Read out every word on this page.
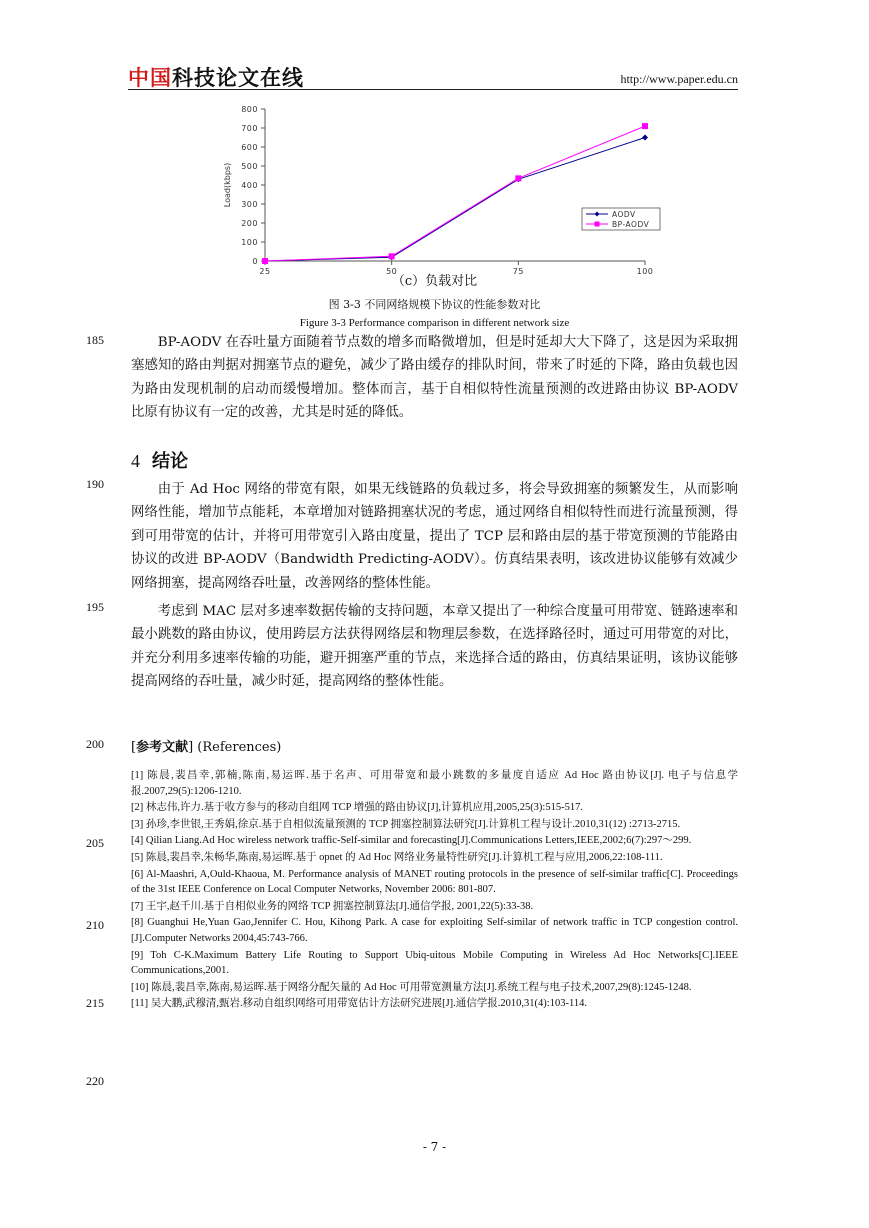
中国科技论文在线	http://www.paper.edu.cn
0
100
200
300
400
500
600
700
800
25	50	75	100
Load(kbps)
AODV
BP-AODV
（c）负载对比
图 3-3 不同网络规模下协议的性能参数对比
Figure 3-3 Performance comparison in different network size
185
190
195
200
205
210
215
220

BP-AODV 在吞吐量方面随着节点数的增多而略微增加，但是时延却大大下降了，这是因为采取拥塞感知的路由判据对拥塞节点的避免，减少了路由缓存的排队时间，带来了时延的下降，路由负载也因为路由发现机制的启动而缓慢增加。整体而言，基于自相似特性流量预测的改进路由协议 BP-AODV 比原有协议有一定的改善，尤其是时延的降低。

4 结论

由于 Ad Hoc 网络的带宽有限，如果无线链路的负载过多，将会导致拥塞的频繁发生，从而影响网络性能，增加节点能耗，本章增加对链路拥塞状况的考虑，通过网络自相似特性而进行流量预测，得到可用带宽的估计，并将可用带宽引入路由度量，提出了 TCP 层和路由层的基于带宽预测的节能路由协议的改进 BP-AODV（Bandwidth Predicting-AODV）。仿真结果表明，该改进协议能够有效减少网络拥塞，提高网络吞吐量，改善网络的整体性能。

考虑到 MAC 层对多速率数据传输的支持问题，本章又提出了一种综合度量可用带宽、链路速率和最小跳数的路由协议，使用跨层方法获得网络层和物理层参数，在选择路径时，通过可用带宽的对比，并充分利用多速率传输的功能，避开拥塞严重的节点，来选择合适的路由，仿真结果证明，该协议能够提高网络的吞吐量，减少时延，提高网络的整体性能。

[参考文献] (References)
[1] 陈晨,裴昌幸,郭楠,陈南,易运晖.基于名声、可用带宽和最小跳数的多量度自适应 Ad Hoc 路由协议[J]. 电子与信息学报.2007,29(5):1206-1210.
[2] 林志伟,许力.基于收方参与的移动自组网 TCP 增强的路由协议[J],计算机应用,2005,25(3):515-517.
[3] 孙珍,李世银,王秀娟,徐京.基于自相似流量预测的 TCP 拥塞控制算法研究[J].计算机工程与设计.2010,31(12) :2713-2715.
[4] Qilian Liang.Ad Hoc wireless network traffic-Self-similar and forecasting[J].Communications Letters,IEEE,2002;6(7):297～299.
[5] 陈晨,裴昌幸,朱畅华,陈南,易运晖.基于 opnet 的 Ad Hoc 网络业务量特性研究[J].计算机工程与应用,2006,22:108-111.
[6] Al-Maashri, A,Ould-Khaoua, M. Performance analysis of MANET routing protocols in the presence of self-similar traffic[C]. Proceedings of the 31st IEEE Conference on Local Computer Networks, November 2006: 801-807.
[7] 王宇,赵千川.基于自相似业务的网络 TCP 拥塞控制算法[J].通信学报, 2001,22(5):33-38.
[8] Guanghui He,Yuan Gao,Jennifer C. Hou, Kihong Park. A case for exploiting Self-similar of network traffic in TCP congestion control.[J].Computer Networks 2004,45:743-766.
[9] Toh C-K.Maximum Battery Life Routing to Support Ubiq-uitous Mobile Computing in Wireless Ad Hoc Networks[C].IEEE Communications,2001.
[10] 陈晨,裴昌幸,陈南,易运晖.基于网络分配矢量的 Ad Hoc 可用带宽测量方法[J].系统工程与电子技术,2007,29(8):1245-1248.
[11] 吴大鹏,武穆清,甄岩.移动自组织网络可用带宽估计方法研究进展[J].通信学报.2010,31(4):103-114.
- 7 -
